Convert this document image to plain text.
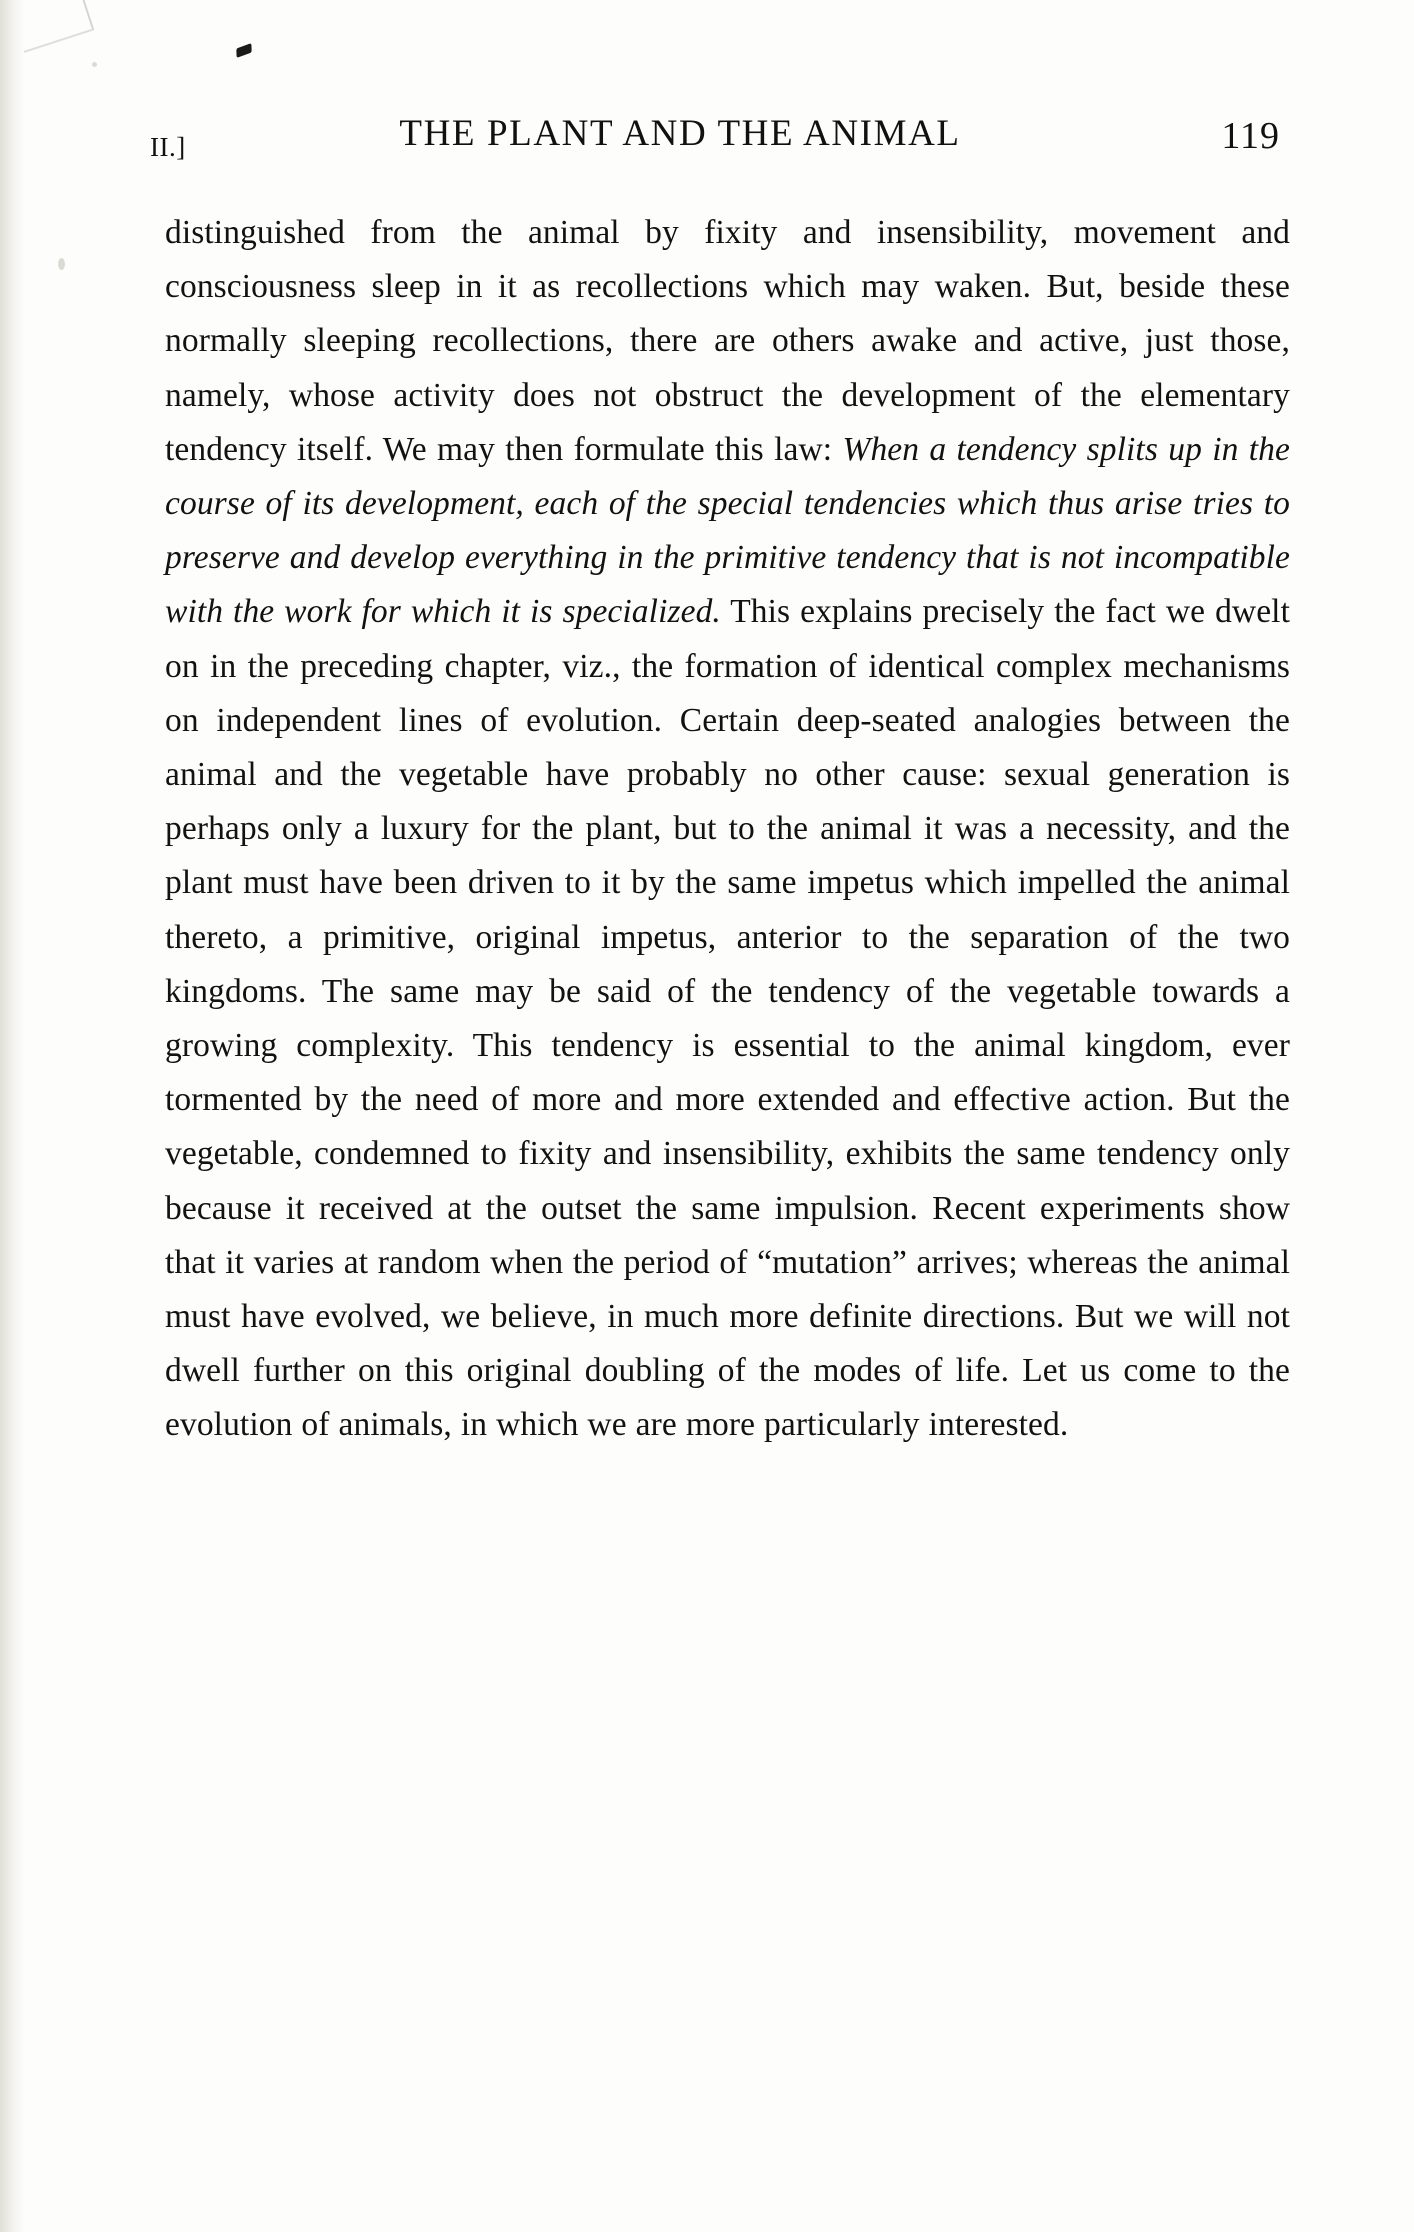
II.]	THE PLANT AND THE ANIMAL	119

distinguished from the animal by fixity and insensibility, movement and consciousness sleep in it as recollections which may waken. But, beside these normally sleeping recollections, there are others awake and active, just those, namely, whose activity does not obstruct the development of the elementary tendency itself. We may then formulate this law: When a tendency splits up in the course of its development, each of the special tendencies which thus arise tries to preserve and develop everything in the primitive tendency that is not incompatible with the work for which it is specialized. This explains precisely the fact we dwelt on in the preceding chapter, viz., the formation of identical complex mechanisms on independent lines of evolution. Certain deep-seated analogies between the animal and the vegetable have probably no other cause: sexual generation is perhaps only a luxury for the plant, but to the animal it was a necessity, and the plant must have been driven to it by the same impetus which impelled the animal thereto, a primitive, original impetus, anterior to the separation of the two kingdoms. The same may be said of the tendency of the vegetable towards a growing complexity. This tendency is essential to the animal kingdom, ever tormented by the need of more and more extended and effective action. But the vegetable, condemned to fixity and insensibility, exhibits the same tendency only because it received at the outset the same impulsion. Recent experiments show that it varies at random when the period of “mutation” arrives; whereas the animal must have evolved, we believe, in much more definite directions. But we will not dwell further on this original doubling of the modes of life. Let us come to the evolution of animals, in which we are more particularly interested.
